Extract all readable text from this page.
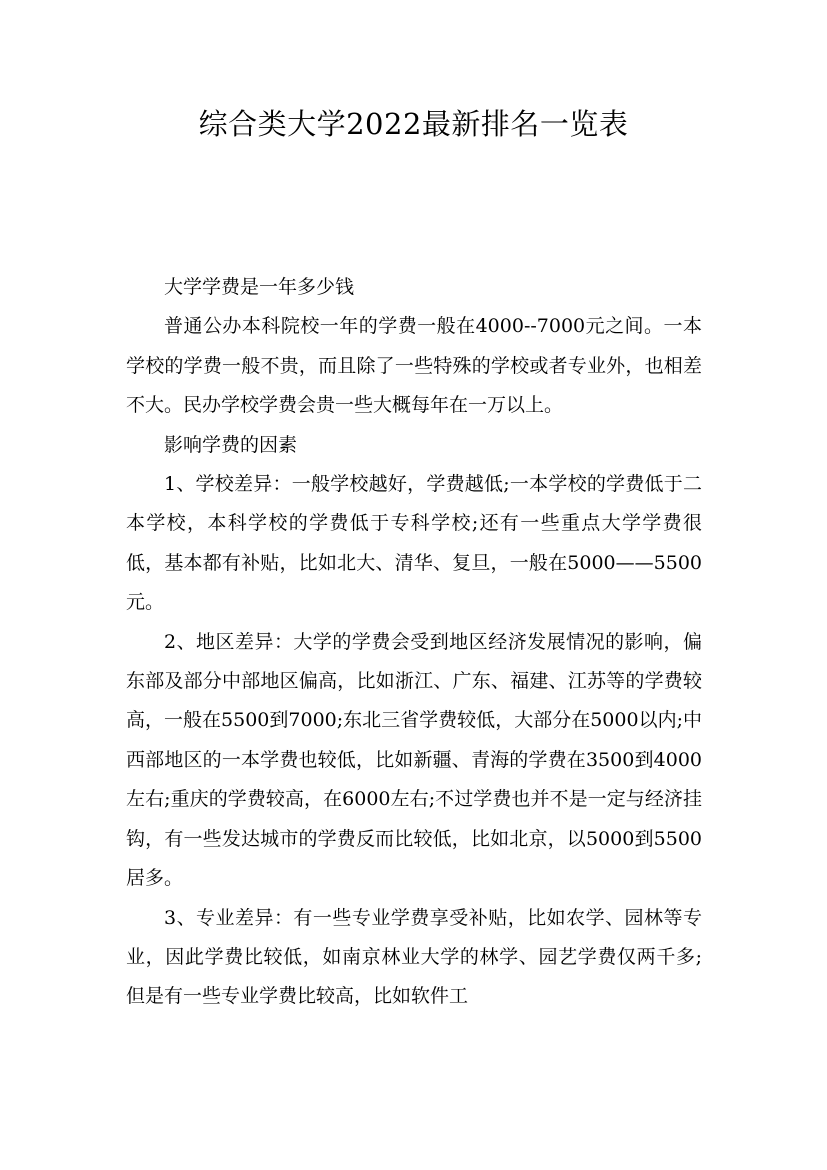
综合类大学2022最新排名一览表

大学学费是一年多少钱

普通公办本科院校一年的学费一般在4000--7000元之间。一本学校的学费一般不贵，而且除了一些特殊的学校或者专业外，也相差不大。民办学校学费会贵一些大概每年在一万以上。

影响学费的因素

1、学校差异：一般学校越好，学费越低;一本学校的学费低于二本学校，本科学校的学费低于专科学校;还有一些重点大学学费很低，基本都有补贴，比如北大、清华、复旦，一般在5000——5500元。

2、地区差异：大学的学费会受到地区经济发展情况的影响，偏东部及部分中部地区偏高，比如浙江、广东、福建、江苏等的学费较高，一般在5500到7000;东北三省学费较低，大部分在5000以内;中西部地区的一本学费也较低，比如新疆、青海的学费在3500到4000左右;重庆的学费较高，在6000左右;不过学费也并不是一定与经济挂钩，有一些发达城市的学费反而比较低，比如北京，以5000到5500居多。

3、专业差异：有一些专业学费享受补贴，比如农学、园林等专业，因此学费比较低，如南京林业大学的林学、园艺学费仅两千多;但是有一些专业学费比较高，比如软件工
